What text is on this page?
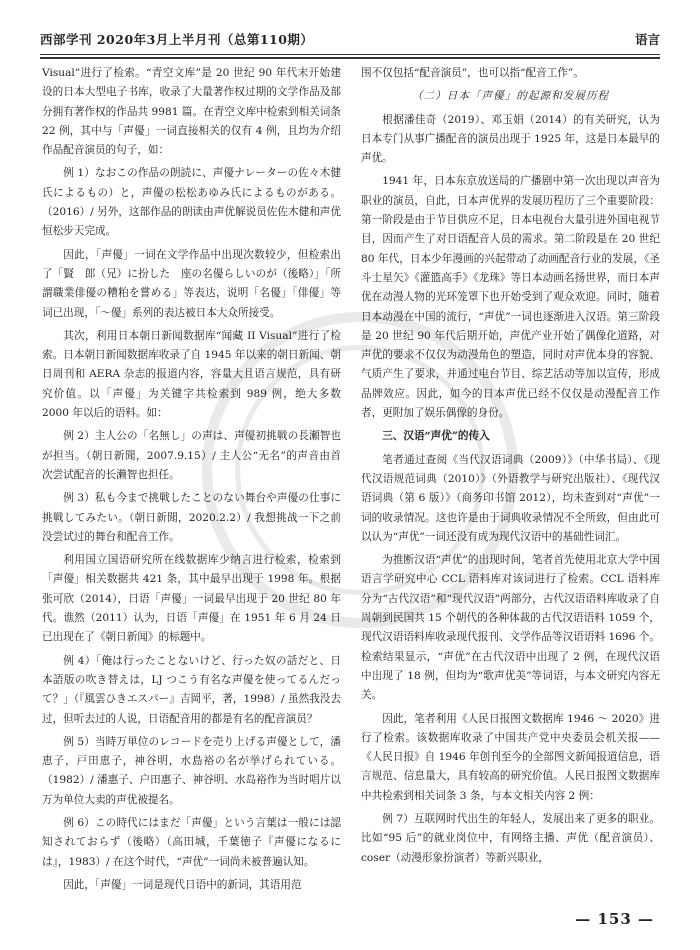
西部学刊 2020年3月上半月刊（总第110期）	语言

Visual”进行了检索。“青空文库”是 20 世纪 90 年代末开始建设的日本大型电子书库，收录了大量著作权过期的文学作品及部分拥有著作权的作品共 9981 篇。在青空文库中检索到相关词条 22 例，其中与「声優」一词直接相关的仅有 4 例，且均为介绍作品配音演员的句子，如：

例 1）なおこの作品の朗読に、声優ナレーターの佐々木健氏によるもの）と，声優の松松あゆみ氏によるものがある。（2016）/ 另外，这部作品的朗读由声优解说员佐佐木健和声优恒松步天完成。

因此，「声優」一词在文学作品中出现次数较少，但检索出了「賢　郎（兄）に扮した　座の名優らしいのが（後略）」「所謂職業俳優の糟粕を嘗める」等表达，说明「名優」「俳優」等词已出现，「～優」系列的表达被日本大众所接受。

其次，利用日本朝日新闻数据库“闻藏 II Visual”进行了检索。日本朝日新闻数据库收录了自 1945 年以来的朝日新闻、朝日周刊和 AERA 杂志的报道内容，容量大且语言规范，具有研究价值。以「声優」为关键字共检索到 989 例，绝大多数 2000 年以后的语料。如：

例 2）主人公の「名無し」の声は、声優初挑戦の長瀬智也が担当。（朝日新聞，2007.9.15）/ 主人公“无名”的声音由首次尝试配音的长濑智也担任。

例 3）私も今まで挑戦したことのない舞台や声優の仕事に挑戦してみたい。（朝日新聞，2020.2.2）/ 我想挑战一下之前没尝试过的舞台和配音工作。

利用国立国语研究所在线数据库少纳言进行检索，检索到「声優」相关数据共 421 条，其中最早出现于 1998 年。根据张可欣（2014），日语「声優」一词最早出现于 20 世纪 80 年代。谯然（2011）认为，日语「声優」在 1951 年 6 月 24 日已出现在了《朝日新闻》的标题中。

例 4）「俺は行ったことないけど、行った奴の話だと、日本語版の吹き替えは，LJ つこう有名な声優を使ってるんだって？」（『風雲ひきエスパー』吉岡平，著，1998）/ 虽然我没去过，但听去过的人说，日语配音用的都是有名的配音演员？

例 5）当時万単位のレコードを売り上げる声優として，潘恵子，戸田恵子，神谷明，水島裕の名が挙げられている。（1982）/ 潘惠子、户田惠子、神谷明、水岛裕作为当时唱片以万为单位大卖的声优被提名。

例 6）この時代にはまだ「声優」という言葉は一般には認知されておらず（後略）（高田城，千葉徳子『声優になるには』，1983）/ 在这个时代，“声优”一词尚未被普遍认知。

因此，「声優」一词是现代日语中的新词，其语用范

围不仅包括“配音演员”，也可以指“配音工作”。

（二）日本「声優」的起源和发展历程

根据潘佳奇（2019）、邓玉娟（2014）的有关研究，认为日本专门从事广播配音的演员出现于 1925 年，这是日本最早的声优。

1941 年，日本东京放送局的广播剧中第一次出现以声音为职业的演员，自此，日本声优界的发展历程历了三个重要阶段：第一阶段是由于节目供应不足，日本电视台大量引进外国电视节目，因而产生了对日语配音人员的需求。第二阶段是在 20 世纪 80 年代，日本少年漫画的兴起带动了动画配音行业的发展，《圣斗士星矢》《灌篮高手》《龙珠》等日本动画名扬世界，而日本声优在动漫人物的光环笼罩下也开始受到了观众欢迎。同时，随着日本动漫在中国的流行，“声优”一词也逐渐进入汉语。第三阶段是 20 世纪 90 年代后期开始，声优产业开始了偶像化道路，对声优的要求不仅仅为动漫角色的塑造，同时对声优本身的容貌、气质产生了要求，并通过电台节目、综艺活动等加以宣传，形成品牌效应。因此，如今的日本声优已经不仅仅是动漫配音工作者，更附加了娱乐偶像的身份。

三、汉语“声优”的传入

笔者通过查阅《当代汉语词典（2009）》（中华书局）、《现代汉语规范词典（2010）》（外语教学与研究出版社）、《现代汉语词典（第 6 版）》（商务印书馆 2012），均未查到对“声优”一词的收录情况。这也许是由于词典收录情况不全所致，但由此可以认为“声优”一词还没有成为现代汉语中的基础性词汇。

为推断汉语“声优”的出现时间，笔者首先使用北京大学中国语言学研究中心 CCL 语料库对该词进行了检索。CCL 语料库分为“古代汉语”和“现代汉语”两部分，古代汉语语料库收录了自周朝到民国共 15 个朝代的各种体裁的古代汉语语料 1059 个，现代汉语语料库收录现代报刊、文学作品等汉语语料 1696 个。检索结果显示，“声优”在古代汉语中出现了 2 例，在现代汉语中出现了 18 例，但均为“歌声优美”等词语，与本文研究内容无关。

因此，笔者利用《人民日报图文数据库 1946 ～ 2020》进行了检索。该数据库收录了中国共产党中央委员会机关报——《人民日报》自 1946 年创刊至今的全部图文新闻报道信息，语言规范、信息量大，具有较高的研究价值。人民日报图文数据库中共检索到相关词条 3 条，与本文相关内容 2 例：

例 7）互联网时代出生的年轻人，发展出来了更多的职业。比如“95 后”的就业岗位中，有网络主播、声优（配音演员）、coser（动漫形象扮演者）等新兴职业，

— 153 —
